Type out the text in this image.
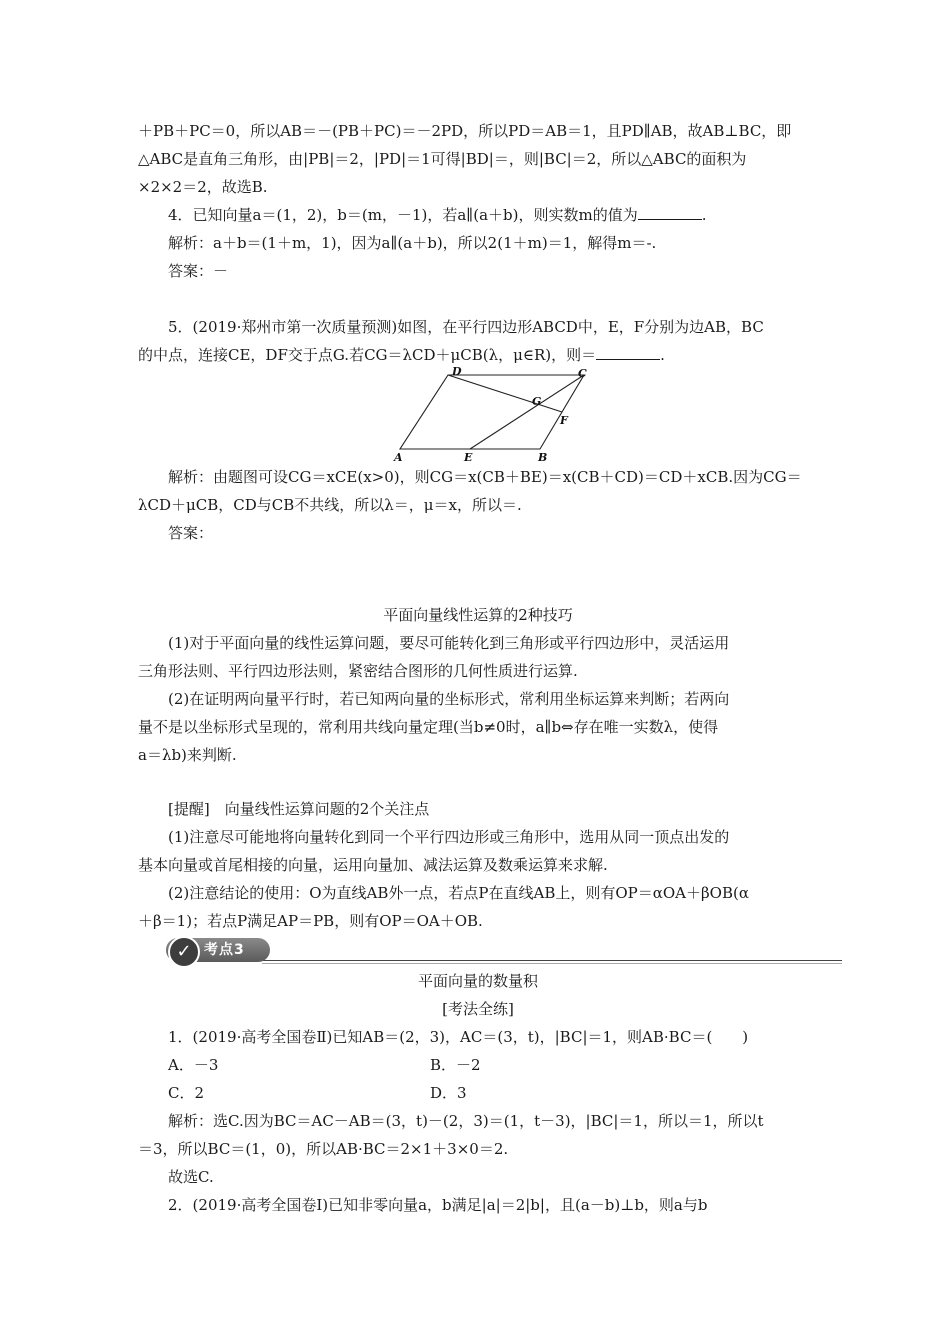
＋PB＋PC＝0，所以AB＝－(PB＋PC)＝－2PD，所以PD＝AB＝1，且PD∥AB，故AB⊥BC，即
△ABC是直角三角形，由|PB|＝2，|PD|＝1可得|BD|＝，则|BC|＝2，所以△ABC的面积为
×2×2＝2，故选B.
4．已知向量a＝(1，2)，b＝(m，－1)，若a∥(a＋b)，则实数m的值为	.
解析：a＋b＝(1＋m，1)，因为a∥(a＋b)，所以2(1＋m)＝1，解得m＝-.
答案：－
5．(2019·郑州市第一次质量预测)如图，在平行四边形ABCD中，E，F分别为边AB，BC
的中点，连接CE，DF交于点G.若CG＝λCD＋μCB(λ，μ∈R)，则＝	.
解析：由题图可设CG＝xCE(x>0)，则CG＝x(CB＋BE)＝x(CB＋CD)＝CD＋xCB.因为CG＝
λCD＋μCB，CD与CB不共线，所以λ＝，μ＝x，所以＝.
答案：
(1)对于平面向量的线性运算问题，要尽可能转化到三角形或平行四边形中，灵活运用
三角形法则、平行四边形法则，紧密结合图形的几何性质进行运算.
(2)在证明两向量平行时，若已知两向量的坐标形式，常利用坐标运算来判断；若两向
量不是以坐标形式呈现的，常利用共线向量定理(当b≠0时，a∥b⇔存在唯一实数λ，使得
a＝λb)来判断.
[提醒]　向量线性运算问题的2个关注点
(1)注意尽可能地将向量转化到同一个平行四边形或三角形中，选用从同一顶点出发的
基本向量或首尾相接的向量，运用向量加、减法运算及数乘运算来求解.
(2)注意结论的使用：O为直线AB外一点，若点P在直线AB上，则有OP＝αOA＋βOB(α
＋β＝1)；若点P满足AP＝PB，则有OP＝OA＋OB.
1．(2019·高考全国卷Ⅱ)已知AB＝(2，3)，AC＝(3，t)，|BC|＝1，则AB·BC＝(　　)
解析：选C.因为BC＝AC－AB＝(3，t)－(2，3)＝(1，t－3)，|BC|＝1，所以＝1，所以t
＝3，所以BC＝(1，0)，所以AB·BC＝2×1＋3×0＝2.
故选C.
2．(2019·高考全国卷Ⅰ)已知非零向量a，b满足|a|＝2|b|，且(a－b)⊥b，则a与b
平面向量线性运算的2种技巧
平面向量的数量积
[考法全练]
A．－3	B．－2
C．2	D．3
A	E	B
D	C
G
F
✓ 考点3
